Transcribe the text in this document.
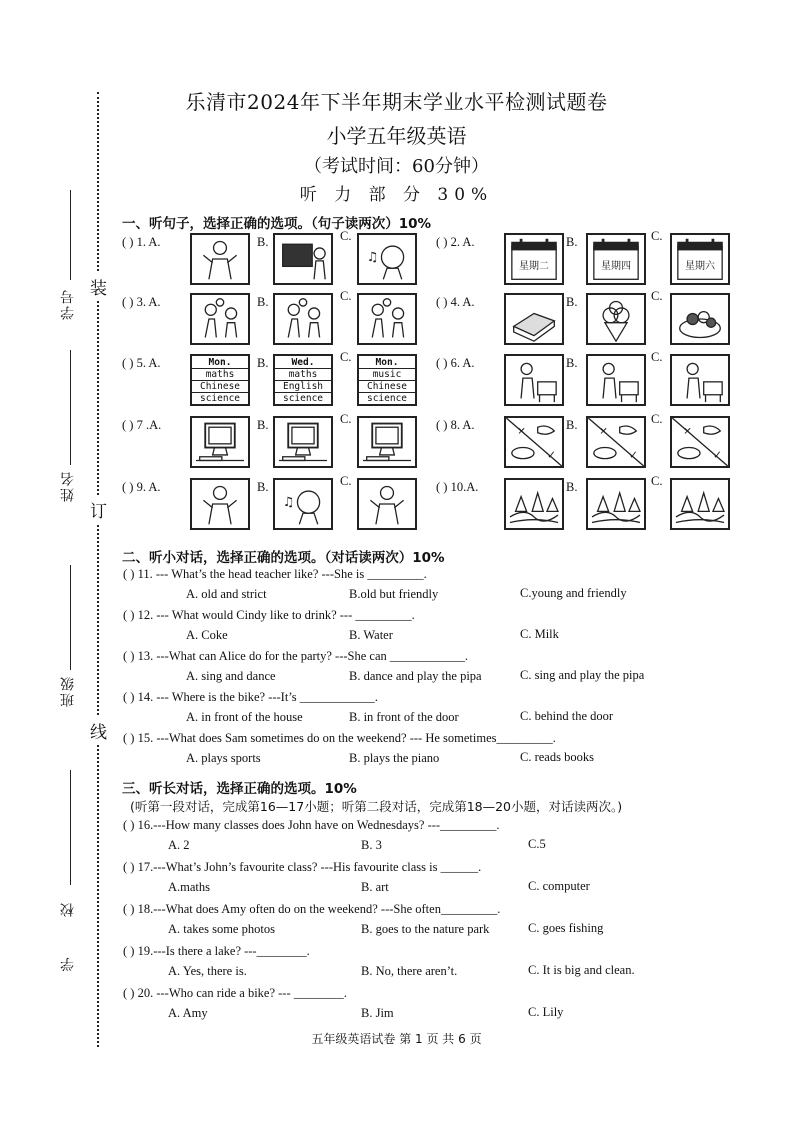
学号
姓名
班级
学 校
装
订
线
乐清市2024年下半年期末学业水平检测试题卷
小学五年级英语
（考试时间：60分钟）
听 力 部 分 30%
一、听句子，选择正确的选项。（句子读两次）10%
( ) 1. A.	B.	C.
♫
( ) 2. A.	B.	C.
星期二	星期四	星期六
( ) 3. A.	B.	C.	( ) 4. A.	B.	C.
( ) 5. A.	B.	C.
Mon.
maths
Chinese
science
Wed.
maths
English
science
Mon.
music
Chinese
science
( ) 6. A.	B.	C.
( ) 7 .A.	B.	C.	( ) 8. A.	B.	C.
✓
✕
✓
✕
✓
✕
( ) 9. A.	B.	C.
♫
( ) 10.A.	B.	C.
二、听小对话，选择正确的选项。（对话读两次）10%
( ) 11. --- What’s the head teacher like? ---She is _________.
A. old and strict	B.old but friendly	C.young and friendly
( ) 12. --- What would Cindy like to drink? --- _________.
A. Coke	B. Water	C. Milk
( ) 13. ---What can Alice do for the party? ---She can ____________.
A. sing and dance	B. dance and play the pipa	C. sing and play the pipa
( ) 14. --- Where is the bike? ---It’s ____________.
A. in front of the house	B. in front of the door	C. behind the door
( ) 15. ---What does Sam sometimes do on the weekend? --- He sometimes_________.
A. plays sports	B. plays the piano	C. reads books
三、听长对话，选择正确的选项。10%
(听第一段对话，完成第16—17小题；听第二段对话，完成第18—20小题，对话读两次。)
( ) 16.---How many classes does John have on Wednesdays? ---_________.
A. 2	B. 3	C.5
( ) 17.---What’s John’s favourite class? ---His favourite class is ______.
A.maths	B. art	C. computer
( ) 18.---What does Amy often do on the weekend? ---She often_________.
A. takes some photos	B. goes to the nature park	C. goes fishing
( ) 19.---Is there a lake? ---________.
A. Yes, there is.	B. No, there aren’t.	C. It is big and clean.
( ) 20. ---Who can ride a bike? --- ________.
A. Amy	B. Jim	C. Lily
五年级英语试卷 第 1 页 共 6 页
